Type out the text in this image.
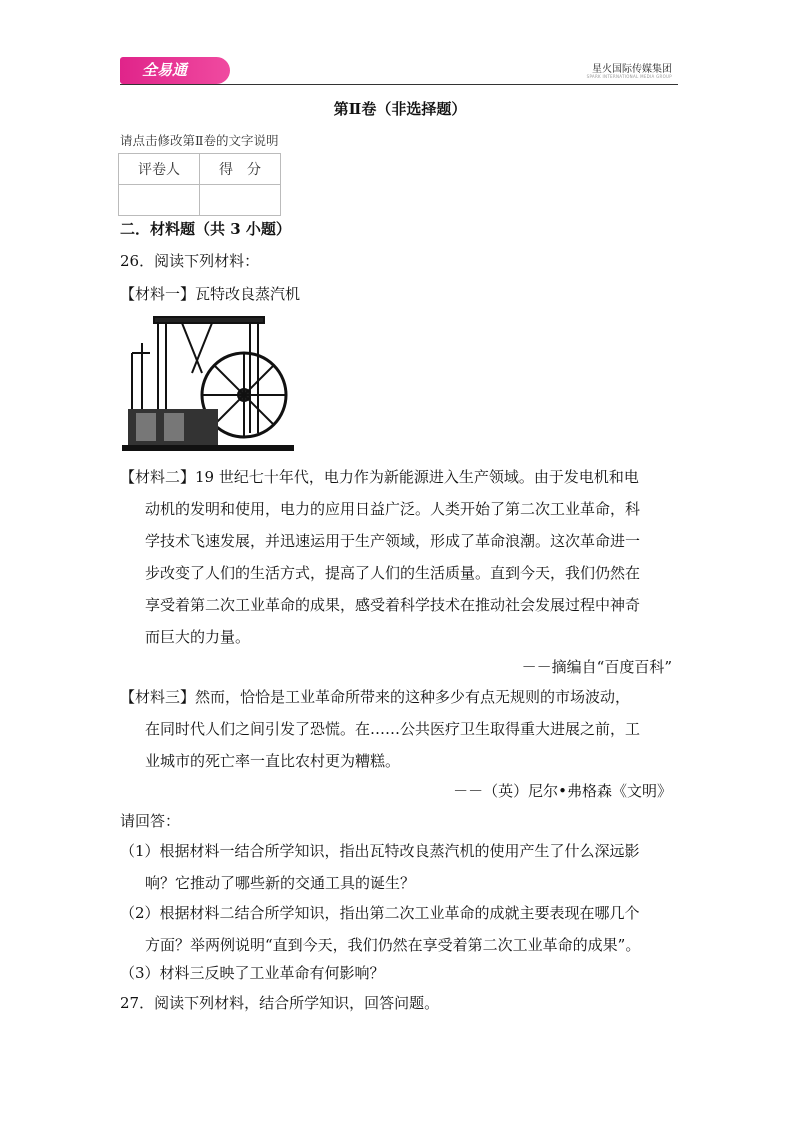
全易通	星火国际传媒集团
SPARK INTERNATIONAL MEDIA GROUP
第Ⅱ卷（非选择题）
请点击修改第Ⅱ卷的文字说明
评卷人	得　分

二．材料题（共 3 小题）
26．阅读下列材料：
【材料一】瓦特改良蒸汽机
【材料二】19 世纪七十年代，电力作为新能源进入生产领域。由于发电机和电
动机的发明和使用，电力的应用日益广泛。人类开始了第二次工业革命，科
学技术飞速发展，并迅速运用于生产领域，形成了革命浪潮。这次革命进一
步改变了人们的生活方式，提高了人们的生活质量。直到今天，我们仍然在
享受着第二次工业革命的成果，感受着科学技术在推动社会发展过程中神奇
而巨大的力量。
－－摘编自“百度百科”
【材料三】然而，恰恰是工业革命所带来的这种多少有点无规则的市场波动，
在同时代人们之间引发了恐慌。在……公共医疗卫生取得重大进展之前，工
业城市的死亡率一直比农村更为糟糕。
－－（英）尼尔•弗格森《文明》
请回答：
（1）根据材料一结合所学知识，指出瓦特改良蒸汽机的使用产生了什么深远影
响？它推动了哪些新的交通工具的诞生？
（2）根据材料二结合所学知识，指出第二次工业革命的成就主要表现在哪几个
方面？举两例说明“直到今天，我们仍然在享受着第二次工业革命的成果”。
（3）材料三反映了工业革命有何影响？
27．阅读下列材料，结合所学知识，回答问题。
